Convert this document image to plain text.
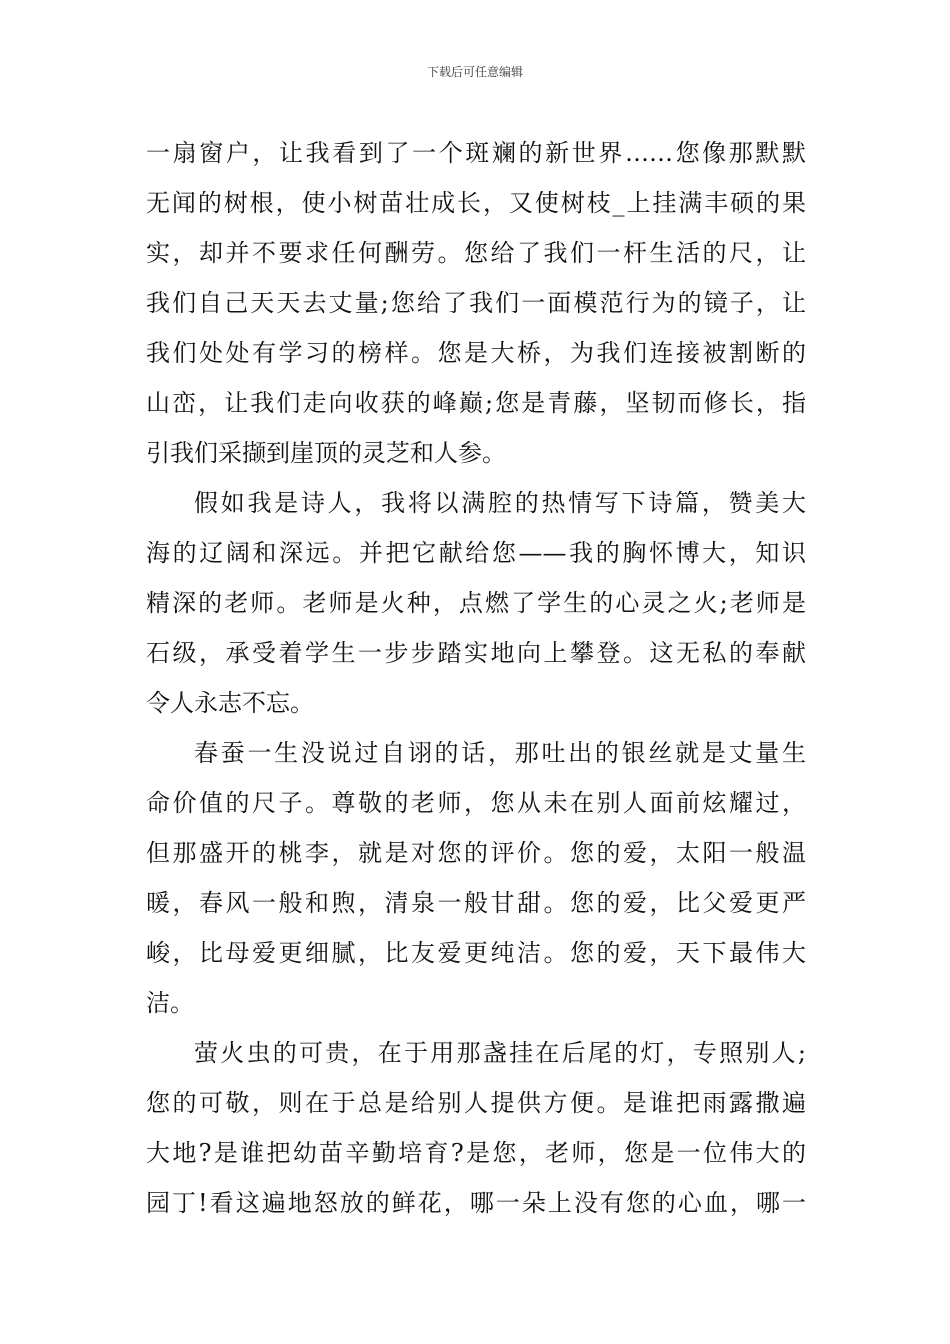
下载后可任意编辑
一扇窗户，让我看到了一个斑斓的新世界……您像那默默
无闻的树根，使小树苗壮成长，又使树枝_上挂满丰硕的果
实，却并不要求任何酬劳。您给了我们一杆生活的尺，让
我们自己天天去丈量;您给了我们一面模范行为的镜子，让
我们处处有学习的榜样。您是大桥，为我们连接被割断的
山峦，让我们走向收获的峰巅;您是青藤，坚韧而修长，指
引我们采撷到崖顶的灵芝和人参。
假如我是诗人，我将以满腔的热情写下诗篇，赞美大
海的辽阔和深远。并把它献给您——我的胸怀博大，知识
精深的老师。老师是火种，点燃了学生的心灵之火;老师是
石级，承受着学生一步步踏实地向上攀登。这无私的奉献
令人永志不忘。
春蚕一生没说过自诩的话，那吐出的银丝就是丈量生
命价值的尺子。尊敬的老师，您从未在别人面前炫耀过，
但那盛开的桃李，就是对您的评价。您的爱，太阳一般温
暖，春风一般和煦，清泉一般甘甜。您的爱，比父爱更严
峻，比母爱更细腻，比友爱更纯洁。您的爱，天下最伟大
洁。
萤火虫的可贵，在于用那盏挂在后尾的灯，专照别人;
您的可敬，则在于总是给别人提供方便。是谁把雨露撒遍
大地?是谁把幼苗辛勤培育?是您，老师，您是一位伟大的
园丁!看这遍地怒放的鲜花，哪一朵上没有您的心血，哪一
